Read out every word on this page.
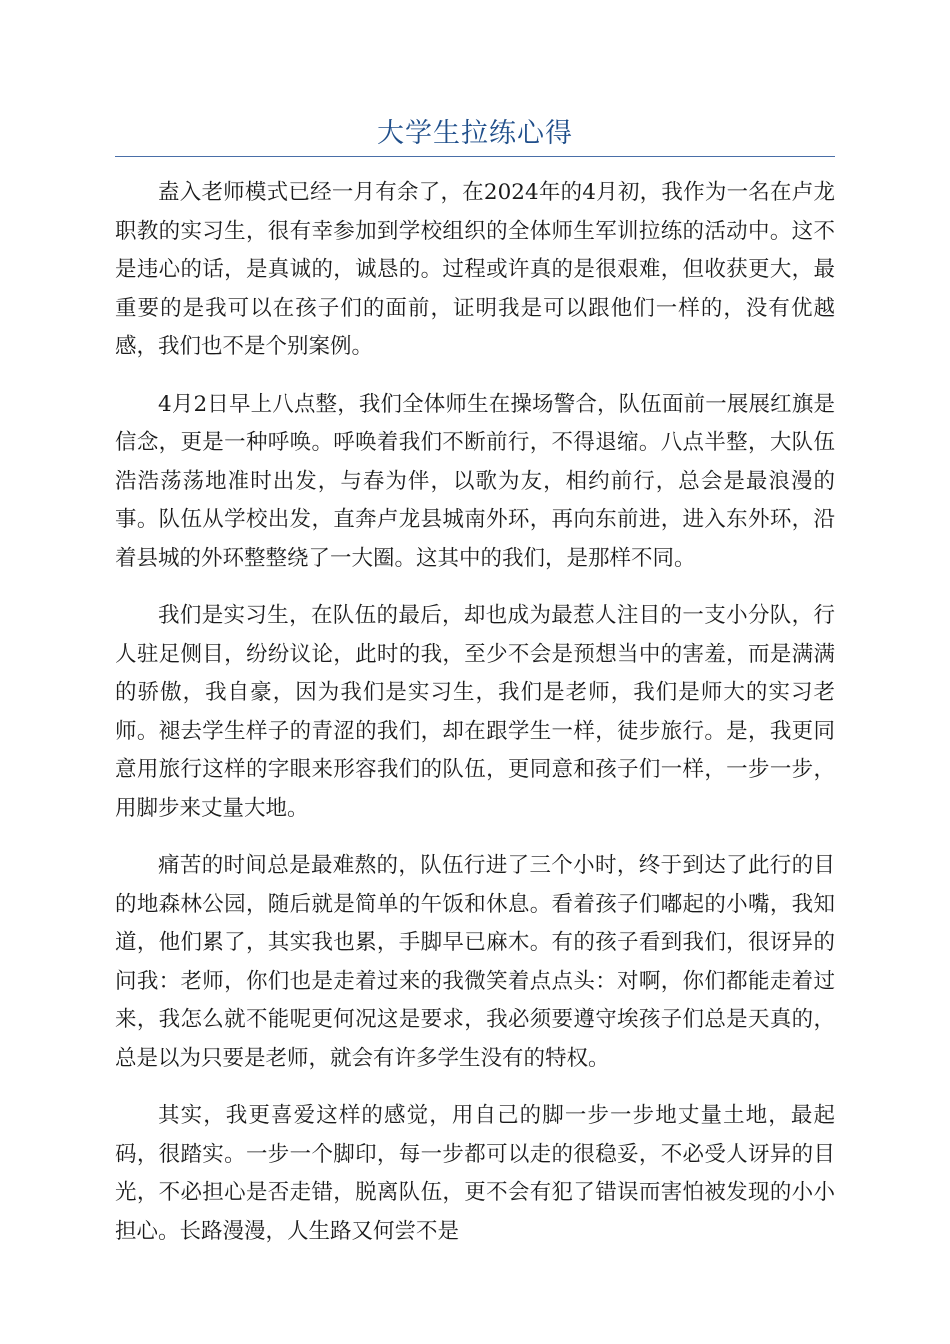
大学生拉练心得

盍入老师模式已经一月有余了，在2024年的4月初，我作为一名在卢龙职教的实习生，很有幸参加到学校组织的全体师生军训拉练的活动中。这不是违心的话，是真诚的，诚恳的。过程或许真的是很艰难，但收获更大，最重要的是我可以在孩子们的面前，证明我是可以跟他们一样的，没有优越感，我们也不是个别案例。

4月2日早上八点整，我们全体师生在操场警合，队伍面前一展展红旗是信念，更是一种呼唤。呼唤着我们不断前行，不得退缩。八点半整，大队伍浩浩荡荡地准时出发，与春为伴，以歌为友，相约前行，总会是最浪漫的事。队伍从学校出发，直奔卢龙县城南外环，再向东前进，进入东外环，沿着县城的外环整整绕了一大圈。这其中的我们，是那样不同。

我们是实习生，在队伍的最后，却也成为最惹人注目的一支小分队，行人驻足侧目，纷纷议论，此时的我，至少不会是预想当中的害羞，而是满满的骄傲，我自豪，因为我们是实习生，我们是老师，我们是师大的实习老师。褪去学生样子的青涩的我们，却在跟学生一样，徒步旅行。是，我更同意用旅行这样的字眼来形容我们的队伍，更同意和孩子们一样，一步一步，用脚步来丈量大地。

痛苦的时间总是最难熬的，队伍行进了三个小时，终于到达了此行的目的地森林公园，随后就是简单的午饭和休息。看着孩子们嘟起的小嘴，我知道，他们累了，其实我也累，手脚早已麻木。有的孩子看到我们，很讶异的问我：老师，你们也是走着过来的我微笑着点点头：对啊，你们都能走着过来，我怎么就不能呢更何况这是要求，我必须要遵守埃孩子们总是天真的，总是以为只要是老师，就会有许多学生没有的特权。

其实，我更喜爱这样的感觉，用自己的脚一步一步地丈量土地，最起码，很踏实。一步一个脚印，每一步都可以走的很稳妥，不必受人讶异的目光，不必担心是否走错，脱离队伍，更不会有犯了错误而害怕被发现的小小担心。长路漫漫，人生路又何尝不是
